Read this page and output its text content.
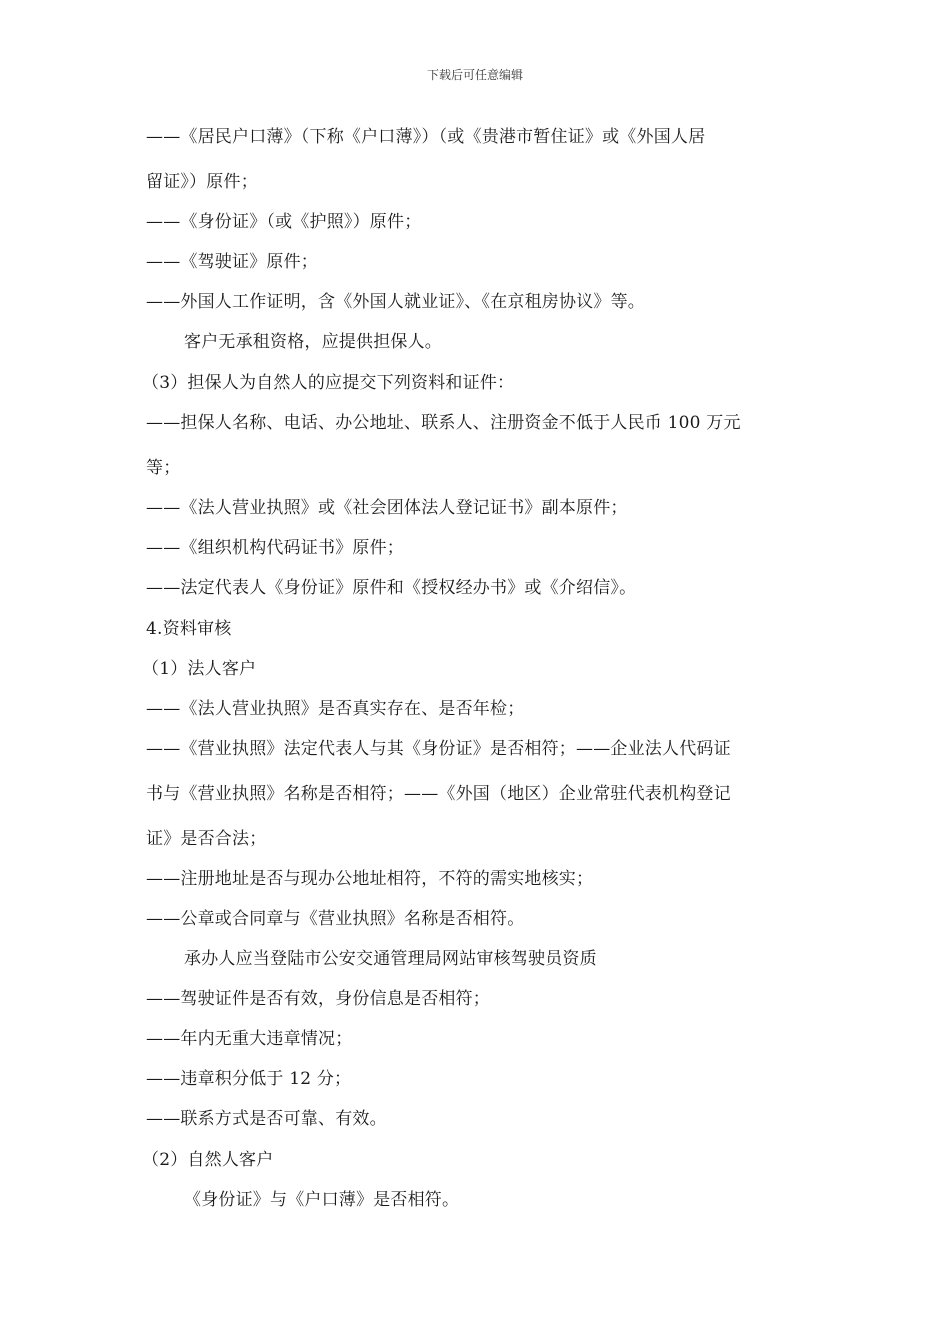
下载后可任意编辑
——《居民户口薄》（下称《户口薄》）（或《贵港市暂住证》或《外国人居
留证》）原件；
——《身份证》（或《护照》）原件；
——《驾驶证》原件；
——外国人工作证明，含《外国人就业证》、《在京租房协议》等。
客户无承租资格，应提供担保人。
（3）担保人为自然人的应提交下列资料和证件：
——担保人名称、电话、办公地址、联系人、注册资金不低于人民币 100 万元
等；
——《法人营业执照》或《社会团体法人登记证书》副本原件；
——《组织机构代码证书》原件；
——法定代表人《身份证》原件和《授权经办书》或《介绍信》。
4.资料审核
（1）法人客户
——《法人营业执照》是否真实存在、是否年检；
——《营业执照》法定代表人与其《身份证》是否相符；——企业法人代码证
书与《营业执照》名称是否相符；——《外国（地区）企业常驻代表机构登记
证》是否合法；
——注册地址是否与现办公地址相符，不符的需实地核实；
——公章或合同章与《营业执照》名称是否相符。
承办人应当登陆市公安交通管理局网站审核驾驶员资质
——驾驶证件是否有效，身份信息是否相符；
——年内无重大违章情况；
——违章积分低于 12 分；
——联系方式是否可靠、有效。
（2）自然人客户
《身份证》与《户口薄》是否相符。
